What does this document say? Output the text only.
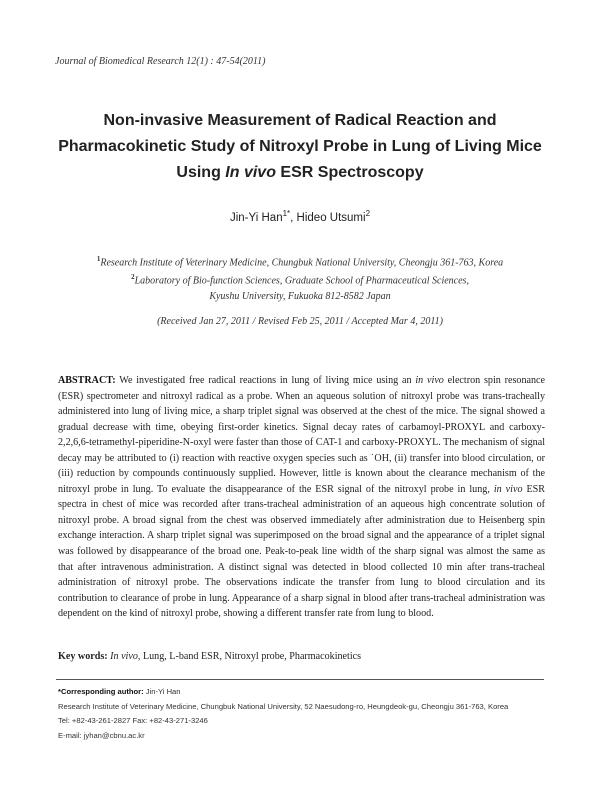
Journal of Biomedical Research 12(1) : 47-54(2011)
Non-invasive Measurement of Radical Reaction and
Pharmacokinetic Study of Nitroxyl Probe in Lung of Living Mice
Using In vivo ESR Spectroscopy
Jin-Yi Han$^{1*}$, Hideo Utsumi$^2$
$^1$Research Institute of Veterinary Medicine, Chungbuk National University, Cheongju 361-763, Korea
$^2$Laboratory of Bio-function Sciences, Graduate School of Pharmaceutical Sciences,
Kyushu University, Fukuoka 812-8582 Japan
(Received Jan 27, 2011 / Revised Feb 25, 2011 / Accepted Mar 4, 2011)
ABSTRACT: We investigated free radical reactions in lung of living mice using an in vivo electron spin resonance (ESR) spectrometer and nitroxyl radical as a probe. When an aqueous solution of nitroxyl probe was trans-tracheally administered into lung of living mice, a sharp triplet signal was observed at the chest of the mice. The signal showed a gradual decrease with time, obeying first-order kinetics. Signal decay rates of carbamoyl-PROXYL and carboxy-2,2,6,6-tetramethyl-piperidine-N-oxyl were faster than those of CAT-1 and carboxy-PROXYL. The mechanism of signal decay may be attributed to (i) reaction with reactive oxygen species such as ˙OH, (ii) transfer into blood circulation, or (iii) reduction by compounds continuously supplied. However, little is known about the clearance mechanism of the nitroxyl probe in lung. To evaluate the disappearance of the ESR signal of the nitroxyl probe in lung, in vivo ESR spectra in chest of mice was recorded after trans-tracheal administration of an aqueous high concentrate solution of nitroxyl probe. A broad signal from the chest was observed immediately after administration due to Heisenberg spin exchange interaction. A sharp triplet signal was superimposed on the broad signal and the appearance of a triplet signal was followed by disappearance of the broad one. Peak-to-peak line width of the sharp signal was almost the same as that after intravenous administration. A distinct signal was detected in blood collected 10 min after trans-tracheal administration of nitroxyl probe. The observations indicate the transfer from lung to blood circulation and its contribution to clearance of probe in lung. Appearance of a sharp signal in blood after trans-tracheal administration was dependent on the kind of nitroxyl probe, showing a different transfer rate from lung to blood.
Key words: In vivo, Lung, L-band ESR, Nitroxyl probe, Pharmacokinetics
*Corresponding author: Jin-Yi Han
Research Institute of Veterinary Medicine, Chungbuk National University, 52 Naesudong-ro, Heungdeok-gu, Cheongju 361-763, Korea
Tel: +82-43-261-2827 Fax: +82-43-271-3246
E-mail: jyhan@cbnu.ac.kr
